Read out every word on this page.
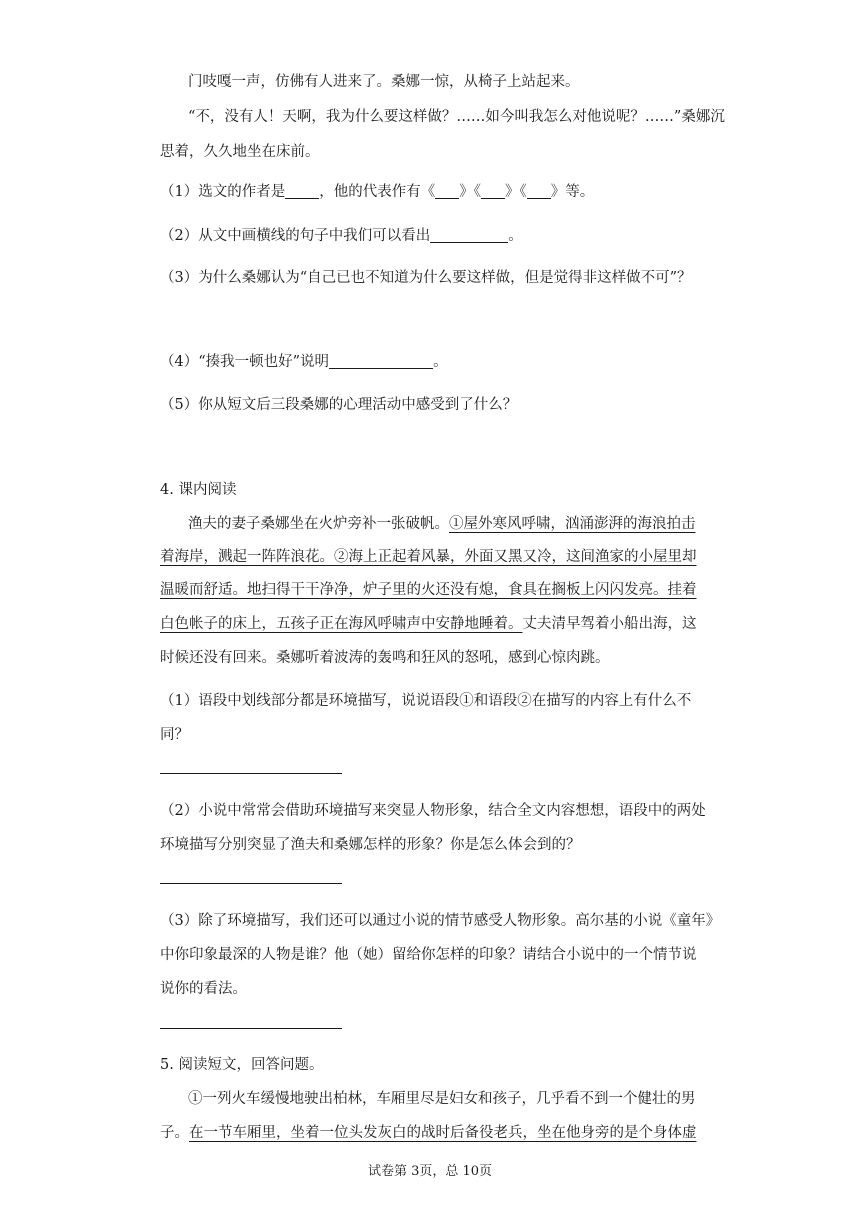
门吱嘎一声，仿佛有人进来了。桑娜一惊，从椅子上站起来。
“不，没有人！天啊，我为什么要这样做？……如今叫我怎么对他说呢？……”桑娜沉
思着，久久地坐在床前。
（1）选文的作者是 ，他的代表作有《 》《 》《 》等。
（2）从文中画横线的句子中我们可以看出	。
（3）为什么桑娜认为“自己已也不知道为什么要这样做，但是觉得非这样做不可”？
（4）“揍我一顿也好”说明	。
（5）你从短文后三段桑娜的心理活动中感受到了什么？
4. 课内阅读
渔夫的妻子桑娜坐在火炉旁补一张破帆。①屋外寒风呼啸，汹涌澎湃的海浪拍击
着海岸，溅起一阵阵浪花。②海上正起着风暴，外面又黑又冷，这间渔家的小屋里却
温暖而舒适。地扫得干干净净，炉子里的火还没有熄，食具在搁板上闪闪发亮。挂着
白色帐子的床上，五孩子正在海风呼啸声中安静地睡着。丈夫清早驾着小船出海，这
时候还没有回来。桑娜听着波涛的轰鸣和狂风的怒吼，感到心惊肉跳。
（1）语段中划线部分都是环境描写，说说语段①和语段②在描写的内容上有什么不
同？
（2）小说中常常会借助环境描写来突显人物形象，结合全文内容想想，语段中的两处
环境描写分别突显了渔夫和桑娜怎样的形象？你是怎么体会到的？
（3）除了环境描写，我们还可以通过小说的情节感受人物形象。高尔基的小说《童年》
中你印象最深的人物是谁？他（她）留给你怎样的印象？请结合小说中的一个情节说
说你的看法。
5. 阅读短文，回答问题。
①一列火车缓慢地驶出柏林，车厢里尽是妇女和孩子，几乎看不到一个健壮的男
子。在一节车厢里，坐着一位头发灰白的战时后备役老兵，坐在他身旁的是个身体虚
试卷第 3页，总 10页
